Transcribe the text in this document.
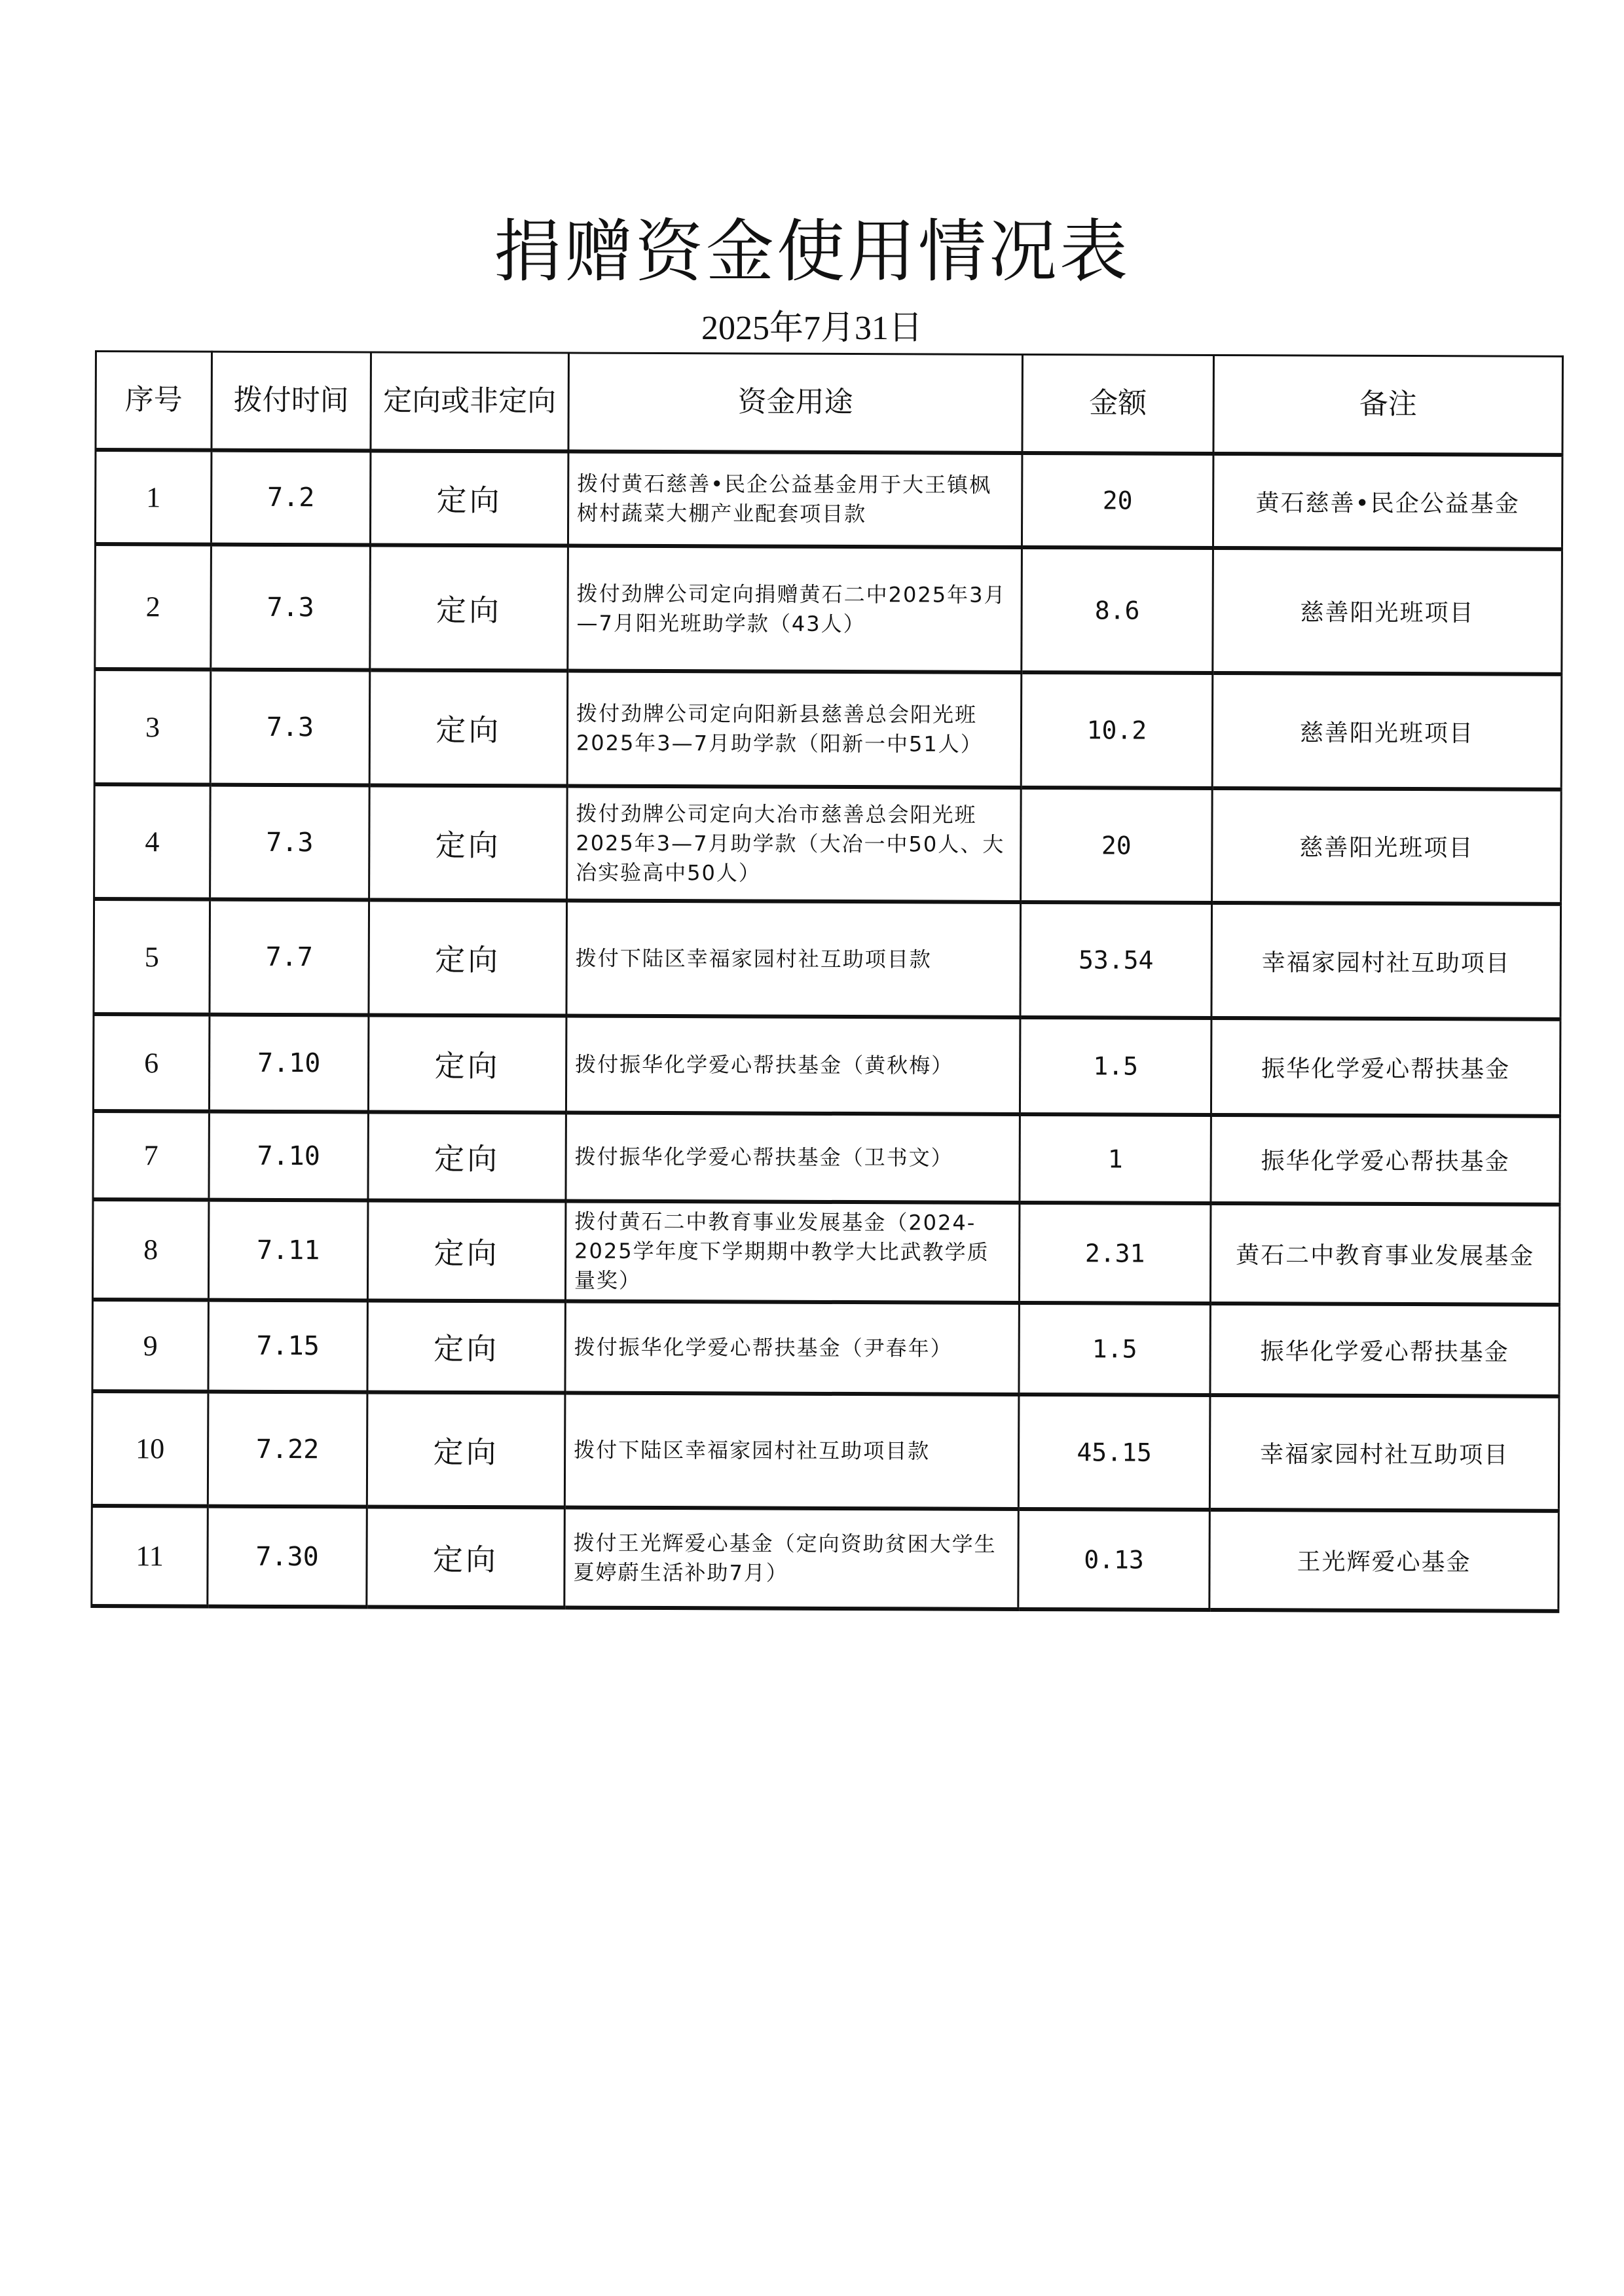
捐赠资金使用情况表
2025年7月31日
序号	拨付时间	定向或非定向	资金用途	金额	备注
1	7.2	定向	拨付黄石慈善•民企公益基金用于大王镇枫树村蔬菜大棚产业配套项目款	20	黄石慈善•民企公益基金
2	7.3	定向	拨付劲牌公司定向捐赠黄石二中2025年3月—7月阳光班助学款（43人）	8.6	慈善阳光班项目
3	7.3	定向	拨付劲牌公司定向阳新县慈善总会阳光班2025年3—7月助学款（阳新一中51人）	10.2	慈善阳光班项目
4	7.3	定向	拨付劲牌公司定向大冶市慈善总会阳光班2025年3—7月助学款（大冶一中50人、大冶实验高中50人）	20	慈善阳光班项目
5	7.7	定向	拨付下陆区幸福家园村社互助项目款	53.54	幸福家园村社互助项目
6	7.10	定向	拨付振华化学爱心帮扶基金（黄秋梅）	1.5	振华化学爱心帮扶基金
7	7.10	定向	拨付振华化学爱心帮扶基金（卫书文）	1	振华化学爱心帮扶基金
8	7.11	定向	拨付黄石二中教育事业发展基金（2024-2025学年度下学期期中教学大比武教学质量奖）	2.31	黄石二中教育事业发展基金
9	7.15	定向	拨付振华化学爱心帮扶基金（尹春年）	1.5	振华化学爱心帮扶基金
10	7.22	定向	拨付下陆区幸福家园村社互助项目款	45.15	幸福家园村社互助项目
11	7.30	定向	拨付王光辉爱心基金（定向资助贫困大学生夏婷蔚生活补助7月）	0.13	王光辉爱心基金
